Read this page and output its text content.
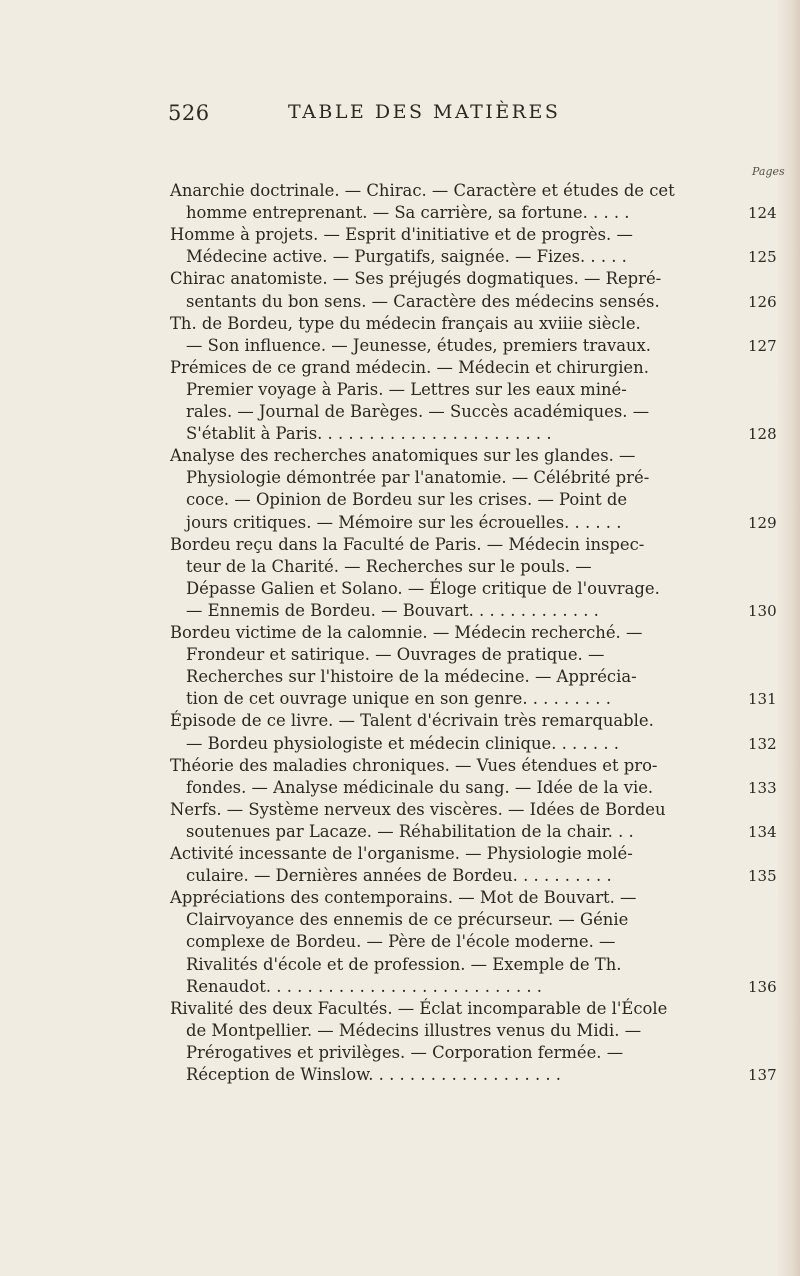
526	TABLE DES MATIÈRES
Pages
Anarchie doctrinale. — Chirac. — Caractère et études de cet
homme entreprenant. — Sa carrière, sa fortune. . . . .	124
Homme à projets. — Esprit d'initiative et de progrès. —
Médecine active. — Purgatifs, saignée. — Fizes. . . . .	125
Chirac anatomiste. — Ses préjugés dogmatiques. — Repré-
sentants du bon sens. — Caractère des médecins sensés.	126
Th. de Bordeu, type du médecin français au xviiie siècle.
— Son influence. — Jeunesse, études, premiers travaux.	127
Prémices de ce grand médecin. — Médecin et chirurgien.
Premier voyage à Paris. — Lettres sur les eaux miné-
rales. — Journal de Barèges. — Succès académiques. —
S'établit à Paris. . . . . . . . . . . . . . . . . . . . . . .	128
Analyse des recherches anatomiques sur les glandes. —
Physiologie démontrée par l'anatomie. — Célébrité pré-
coce. — Opinion de Bordeu sur les crises. — Point de
jours critiques. — Mémoire sur les écrouelles. . . . . .	129
Bordeu reçu dans la Faculté de Paris. — Médecin inspec-
teur de la Charité. — Recherches sur le pouls. —
Dépasse Galien et Solano. — Éloge critique de l'ouvrage.
— Ennemis de Bordeu. — Bouvart. . . . . . . . . . . . .	130
Bordeu victime de la calomnie. — Médecin recherché. —
Frondeur et satirique. — Ouvrages de pratique. —
Recherches sur l'histoire de la médecine. — Apprécia-
tion de cet ouvrage unique en son genre. . . . . . . . .	131
Épisode de ce livre. — Talent d'écrivain très remarquable.
— Bordeu physiologiste et médecin clinique. . . . . . .	132
Théorie des maladies chroniques. — Vues étendues et pro-
fondes. — Analyse médicinale du sang. — Idée de la vie.	133
Nerfs. — Système nerveux des viscères. — Idées de Bordeu
soutenues par Lacaze. — Réhabilitation de la chair. . .	134
Activité incessante de l'organisme. — Physiologie molé-
culaire. — Dernières années de Bordeu. . . . . . . . . .	135
Appréciations des contemporains. — Mot de Bouvart. —
Clairvoyance des ennemis de ce précurseur. — Génie
complexe de Bordeu. — Père de l'école moderne. —
Rivalités d'école et de profession. — Exemple de Th.
Renaudot. . . . . . . . . . . . . . . . . . . . . . . . . . .	136
Rivalité des deux Facultés. — Éclat incomparable de l'École
de Montpellier. — Médecins illustres venus du Midi. —
Prérogatives et privilèges. — Corporation fermée. —
Réception de Winslow. . . . . . . . . . . . . . . . . . .	137
